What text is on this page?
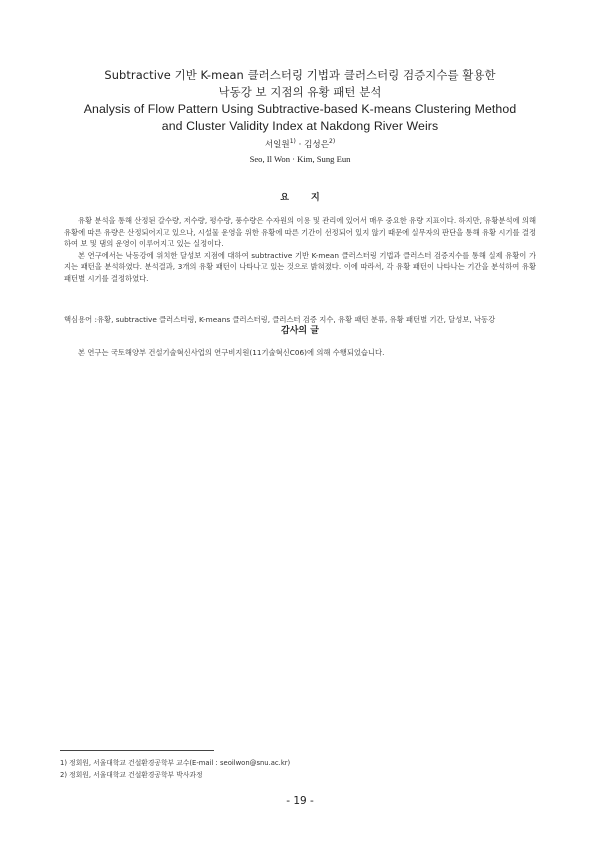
Subtractive 기반 K-mean 클러스터링 기법과 클러스터링 검증지수를 활용한
낙동강 보 지점의 유황 패턴 분석
Analysis of Flow Pattern Using Subtractive-based K-means Clustering Method
and Cluster Validity Index at Nakdong River Weirs
서일원$^{1)}$ · 김성은$^{2)}$
Seo, Il Won · Kim, Sung Eun
요지

유황 분석을 통해 산정된 갈수량, 저수량, 평수량, 풍수량은 수자원의 이용 및 관리에 있어서 매우 중요한 유량 지표이다. 하지만, 유황분석에 의해 유황에 따른 유량은 산정되어지고 있으나, 시설물 운영을 위한 유황에 따른 기간이 선정되어 있지 않기 때문에 실무자의 판단을 통해 유황 시기를 결정하여 보 및 댐의 운영이 이루어지고 있는 실정이다.

본 연구에서는 낙동강에 위치한 달성보 지점에 대하여 subtractive 기반 K-mean 클러스터링 기법과 클러스터 검증지수를 통해 실제 유황이 가지는 패턴을 분석하였다. 분석결과, 3개의 유황 패턴이 나타나고 있는 것으로 밝혀졌다. 이에 따라서, 각 유황 패턴이 나타나는 기간을 분석하여 유황 패턴별 시기를 결정하였다.

핵심용어 : 유황, subtractive 클러스터링, K-means 클러스터링, 클러스터 검증 지수, 유황 패턴 분류, 유황 패턴별 기간, 달성보, 낙동강
감사의 글
본 연구는 국토해양부 건설기술혁신사업의 연구비지원(11기술혁신C06)에 의해 수행되었습니다.
1) 정회원, 서울대학교 건설환경공학부 교수(E-mail : seoilwon@snu.ac.kr)
2) 정회원, 서울대학교 건설환경공학부 박사과정
- 19 -
